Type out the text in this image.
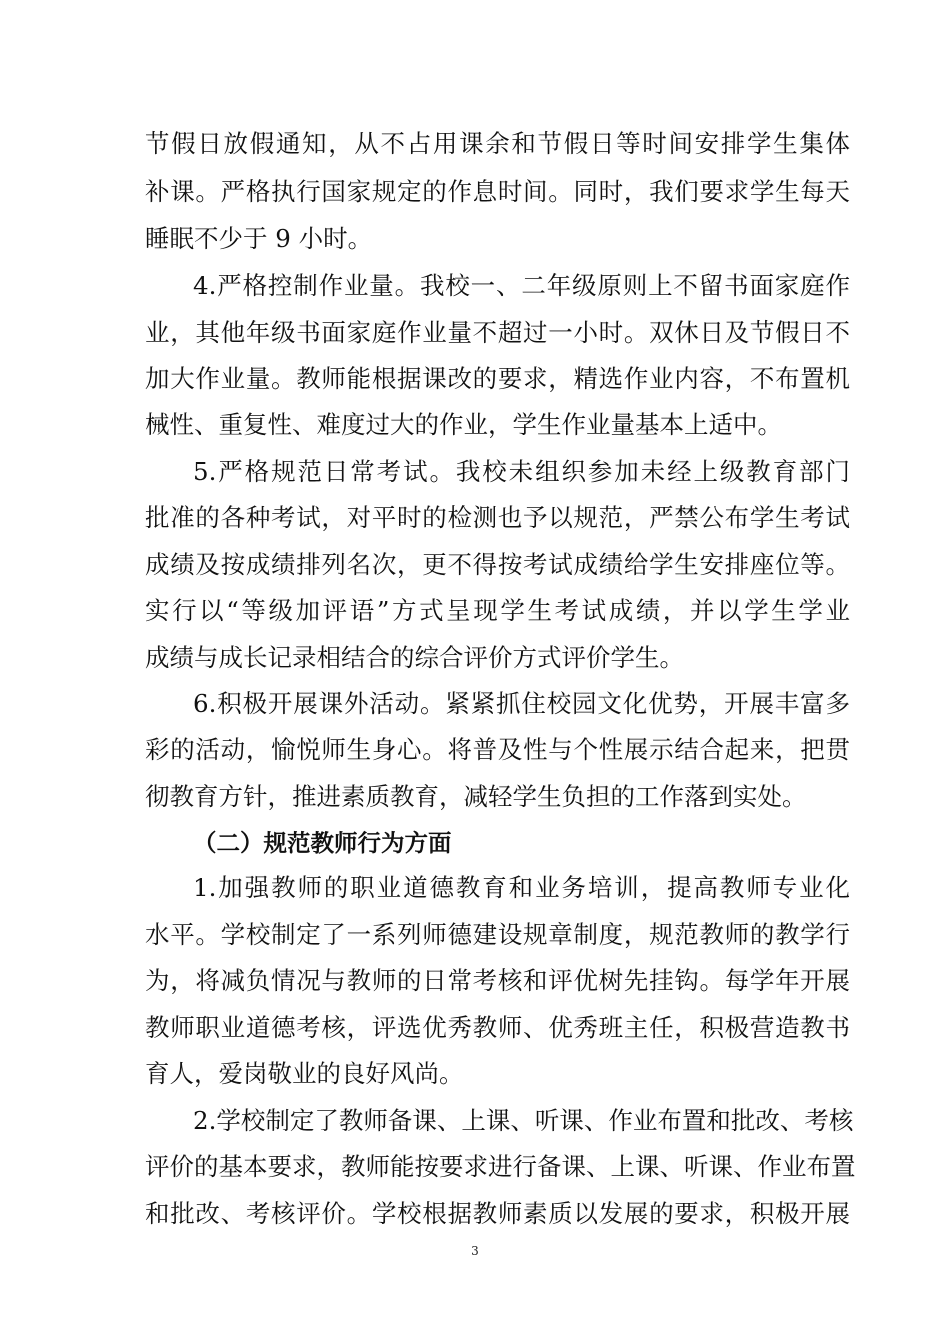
节假日放假通知，从不占用课余和节假日等时间安排学生集体
补课。严格执行国家规定的作息时间。同时，我们要求学生每天
睡眠不少于 9 小时。
4.严格控制作业量。我校一、二年级原则上不留书面家庭作
业，其他年级书面家庭作业量不超过一小时。双休日及节假日不
加大作业量。教师能根据课改的要求，精选作业内容，不布置机
械性、重复性、难度过大的作业，学生作业量基本上适中。
5.严格规范日常考试。我校未组织参加未经上级教育部门
批准的各种考试，对平时的检测也予以规范，严禁公布学生考试
成绩及按成绩排列名次，更不得按考试成绩给学生安排座位等。
实行以“等级加评语”方式呈现学生考试成绩，并以学生学业
成绩与成长记录相结合的综合评价方式评价学生。
6.积极开展课外活动。紧紧抓住校园文化优势，开展丰富多
彩的活动，愉悦师生身心。将普及性与个性展示结合起来，把贯
彻教育方针，推进素质教育，减轻学生负担的工作落到实处。
（二）规范教师行为方面
1.加强教师的职业道德教育和业务培训，提高教师专业化
水平。学校制定了一系列师德建设规章制度，规范教师的教学行
为，将减负情况与教师的日常考核和评优树先挂钩。每学年开展
教师职业道德考核，评选优秀教师、优秀班主任，积极营造教书
育人，爱岗敬业的良好风尚。
2.学校制定了教师备课、上课、听课、作业布置和批改、考核
评价的基本要求，教师能按要求进行备课、上课、听课、作业布置
和批改、考核评价。学校根据教师素质以发展的要求，积极开展
3
